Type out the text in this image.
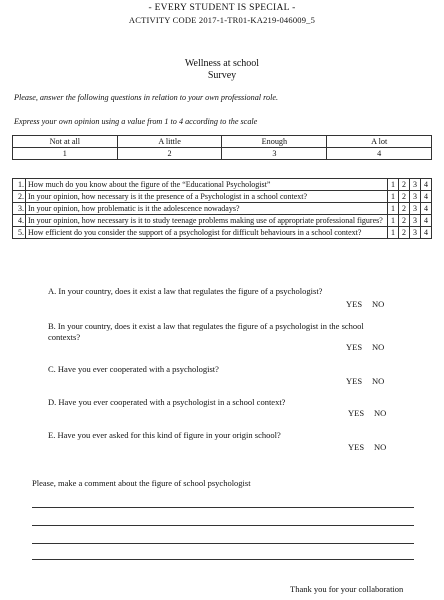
- EVERY STUDENT IS SPECIAL -
ACTIVITY CODE 2017-1-TR01-KA219-046009_5
Wellness at school
Survey
Please, answer the following questions in relation to your own professional role.
Express your own opinion using a value from 1 to 4 according to the scale
Not at all	A little	Enough	A lot
1	2	3	4
1.	How much do you know about the figure of the “Educational Psychologist”	1	2	3	4
2.	In your opinion, how necessary is it the presence of a Psychologist in a school context?	1	2	3	4
3.	In your opinion, how problematic is it the adolescence nowadays?	1	2	3	4
4.	In your opinion, how necessary is it to study teenage problems making use of appropriate professional figures?	1	2	3	4
5.	How efficient do you consider the support of a psychologist for difficult behaviours in a school context?	1	2	3	4
A. In your country, does it exist a law that regulates the figure of a psychologist?
YES NO
B. In your country, does it exist a law that regulates the figure of a psychologist in the school contexts?
YES NO
C. Have you ever cooperated with a psychologist?
YES NO
D. Have you ever cooperated with a psychologist in a school context?
YES NO
E. Have you ever asked for this kind of figure in your origin school?
YES NO
Please, make a comment about the figure of school psychologist
Thank you for your collaboration
